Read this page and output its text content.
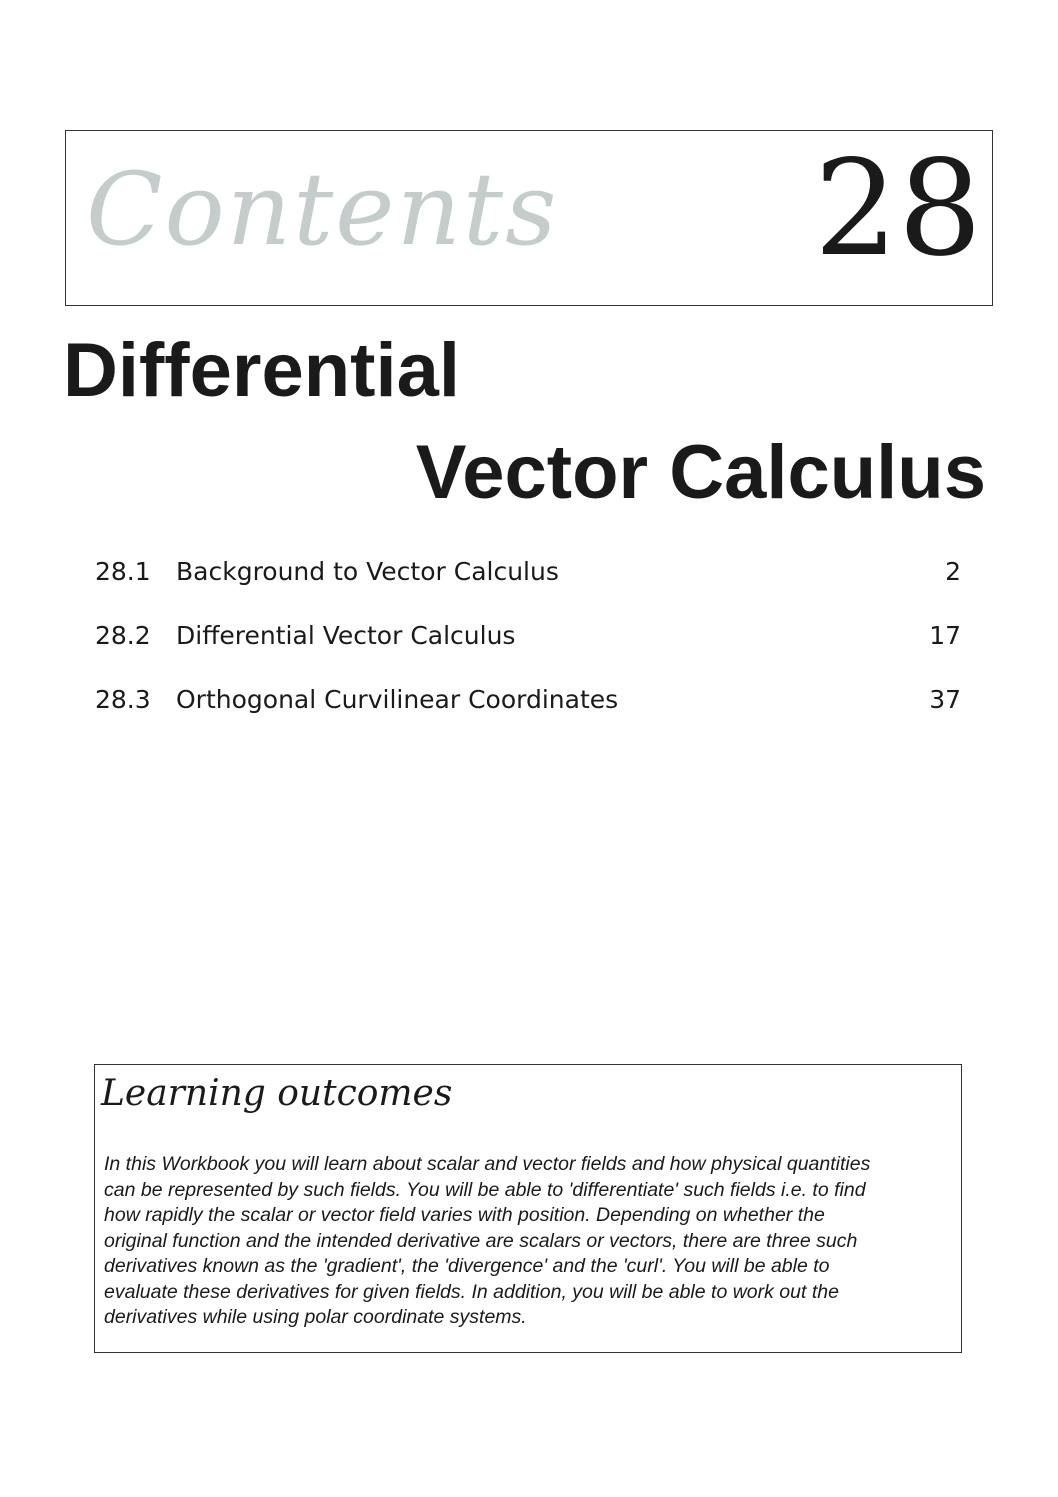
Contents 28
Differential
Vector Calculus
28.1 Background to Vector Calculus	2
28.2 Differential Vector Calculus	17
28.3 Orthogonal Curvilinear Coordinates	37
Learning outcomes

In this Workbook you will learn about scalar and vector fields and how physical quantities
can be represented by such fields. You will be able to 'differentiate' such fields i.e. to find
how rapidly the scalar or vector field varies with position. Depending on whether the
original function and the intended derivative are scalars or vectors, there are three such
derivatives known as the 'gradient', the 'divergence' and the 'curl'. You will be able to
evaluate these derivatives for given fields. In addition, you will be able to work out the
derivatives while using polar coordinate systems.
